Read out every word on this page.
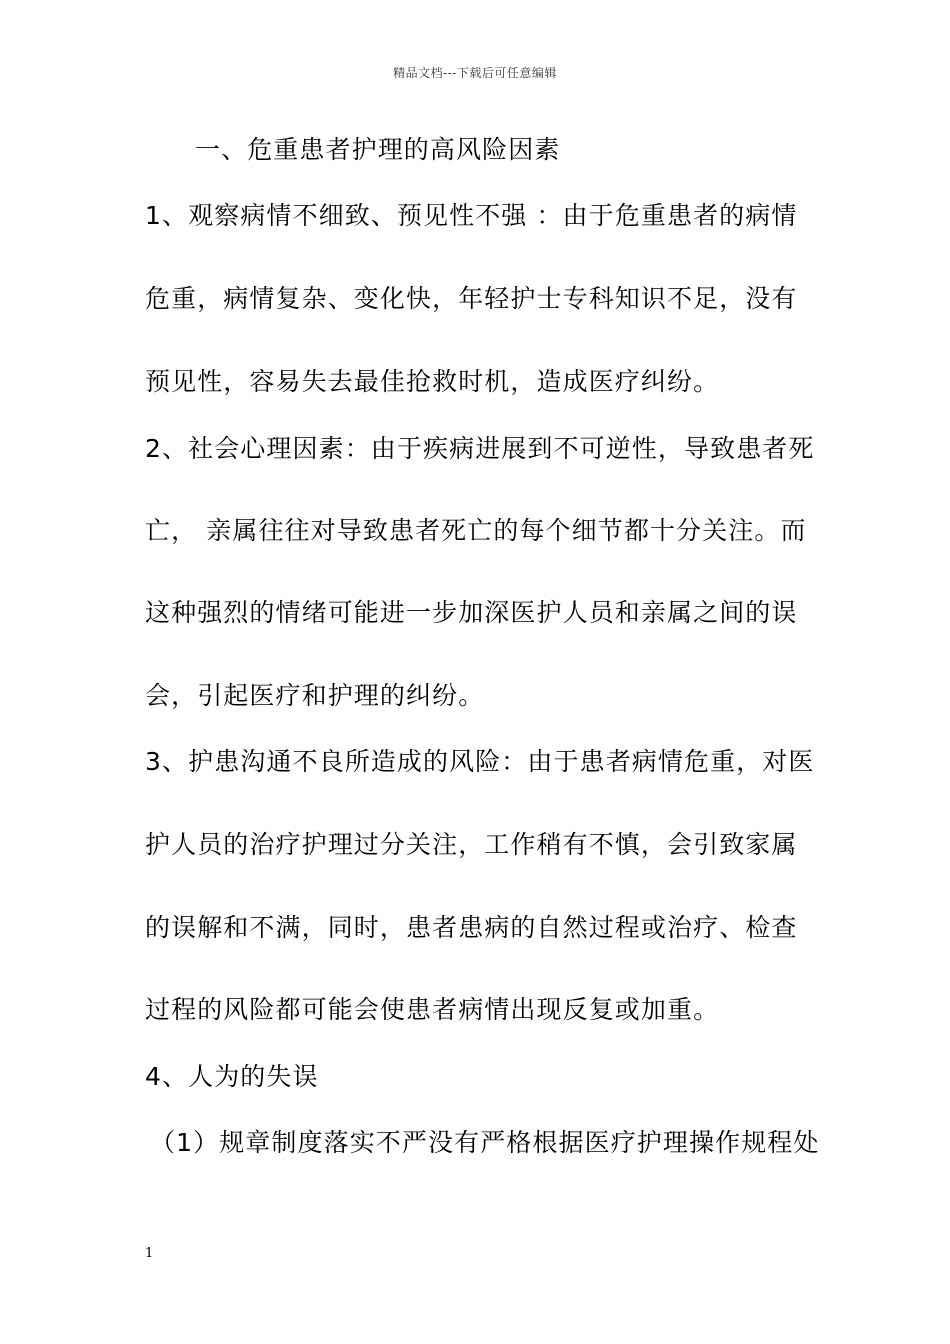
精品文档---下载后可任意编辑
一、危重患者护理的高风险因素
1、观察病情不细致、预见性不强 ：由于危重患者的病情
危重，病情复杂、变化快，年轻护士专科知识不足，没有
预见性，容易失去最佳抢救时机，造成医疗纠纷。
2、社会心理因素：由于疾病进展到不可逆性，导致患者死
亡， 亲属往往对导致患者死亡的每个细节都十分关注。而
这种强烈的情绪可能进一步加深医护人员和亲属之间的误
会，引起医疗和护理的纠纷。
3、护患沟通不良所造成的风险：由于患者病情危重，对医
护人员的治疗护理过分关注，工作稍有不慎，会引致家属
的误解和不满，同时，患者患病的自然过程或治疗、检查
过程的风险都可能会使患者病情出现反复或加重。
4、人为的失误
（1）规章制度落实不严没有严格根据医疗护理操作规程处
1
